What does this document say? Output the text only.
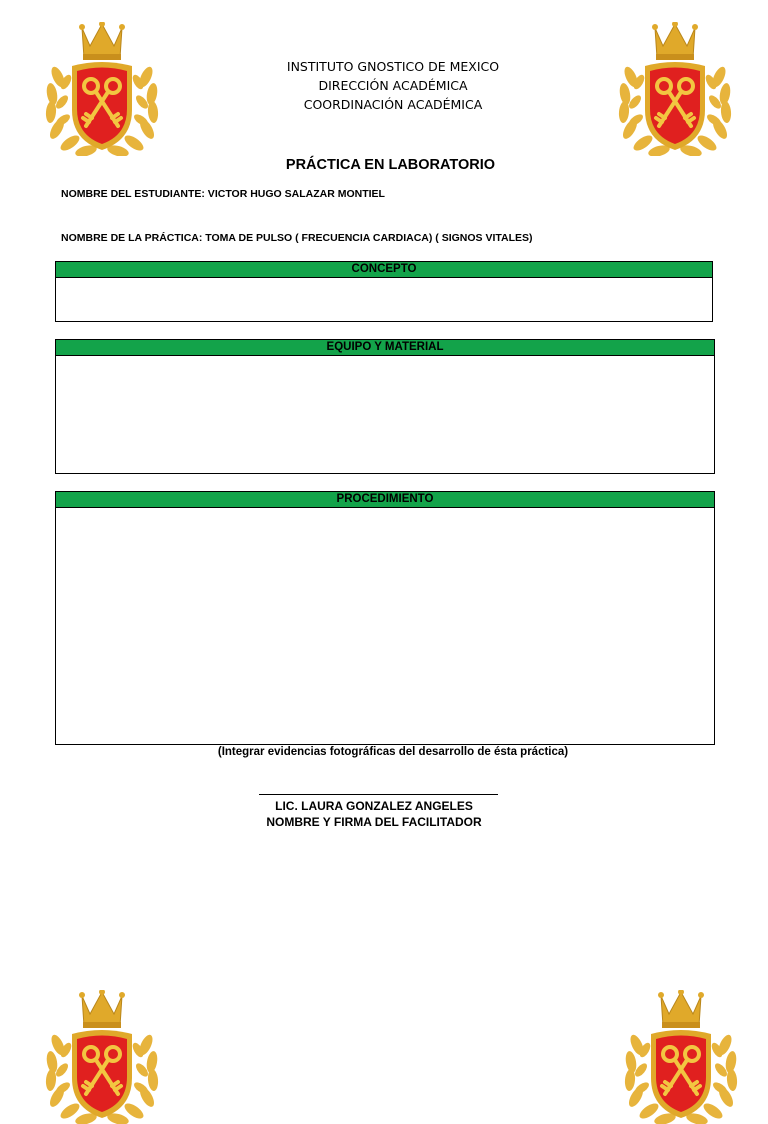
INSTITUTO GNOSTICO DE MEXICO
DIRECCIÓN ACADÉMICA
COORDINACIÓN ACADÉMICA
PRÁCTICA EN LABORATORIO
NOMBRE DEL ESTUDIANTE: VICTOR HUGO SALAZAR MONTIEL
NOMBRE DE LA PRÁCTICA: TOMA DE PULSO ( FRECUENCIA CARDIACA) ( SIGNOS VITALES)
CONCEPTO
EQUIPO Y MATERIAL
PROCEDIMIENTO
(Integrar evidencias fotográficas del desarrollo de ésta práctica)
LIC. LAURA GONZALEZ ANGELES
NOMBRE Y FIRMA DEL FACILITADOR
